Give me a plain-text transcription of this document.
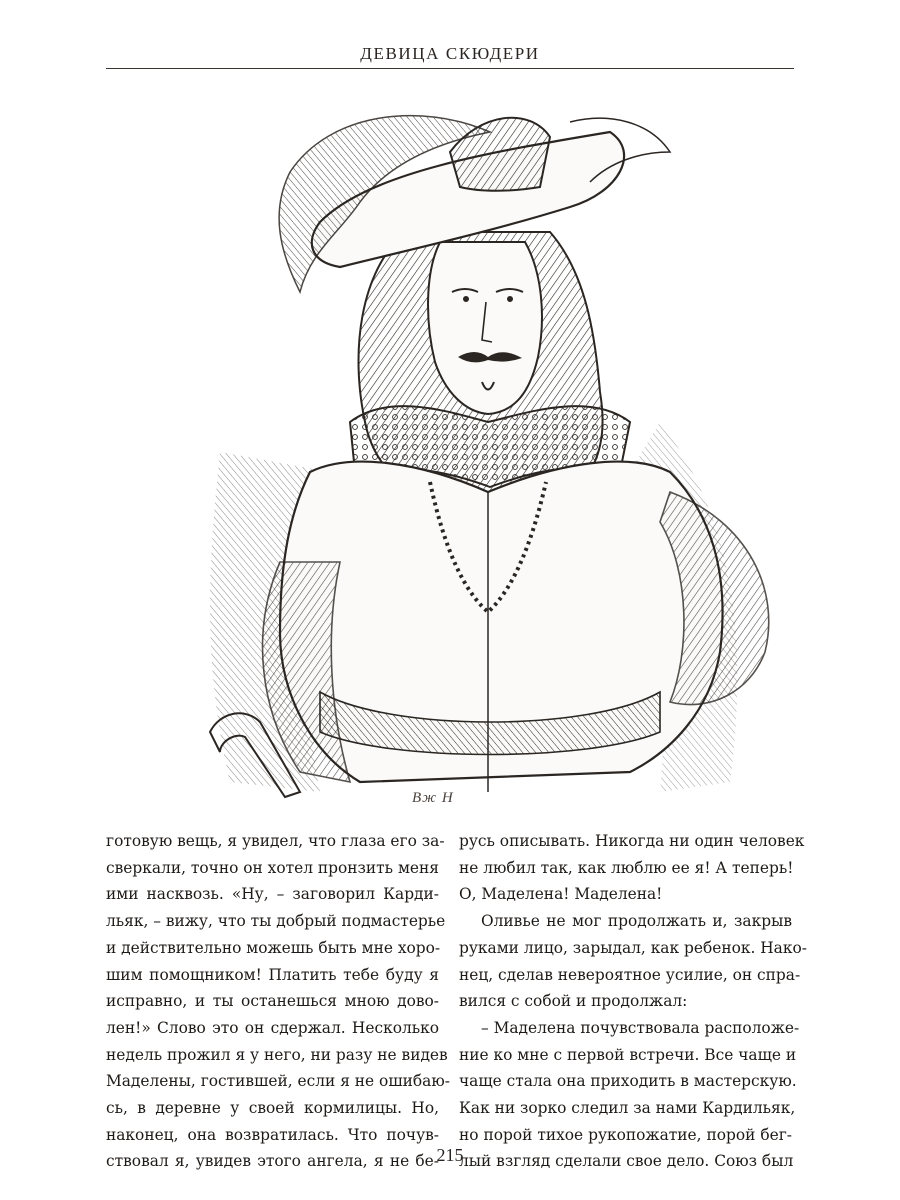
ДЕВИЦА СКЮДЕРИ
Вж Н
готовую вещь, я увидел, что глаза его за-
сверкали, точно он хотел пронзить меня
ими насквозь. «Ну, – заговорил Карди-
льяк, – вижу, что ты добрый подмастерье
и действительно можешь быть мне хоро-
шим помощником! Платить тебе буду я
исправно, и ты останешься мною дово-
лен!» Слово это он сдержал. Несколько
недель прожил я у него, ни разу не видев
Маделены, гостившей, если я не ошибаю-
сь, в деревне у своей кормилицы. Но,
наконец, она возвратилась. Что почув-
ствовал я, увидев этого ангела, я не бе-
русь описывать. Никогда ни один человек
не любил так, как люблю ее я! А теперь!
О, Маделена! Маделена!
Оливье не мог продолжать и, закрыв
руками лицо, зарыдал, как ребенок. Нако-
нец, сделав невероятное усилие, он спра-
вился с собой и продолжал:
– Маделена почувствовала расположе-
ние ко мне с первой встречи. Все чаще и
чаще стала она приходить в мастерскую.
Как ни зорко следил за нами Кардильяк,
но порой тихое рукопожатие, порой бег-
лый взгляд сделали свое дело. Союз был
215
